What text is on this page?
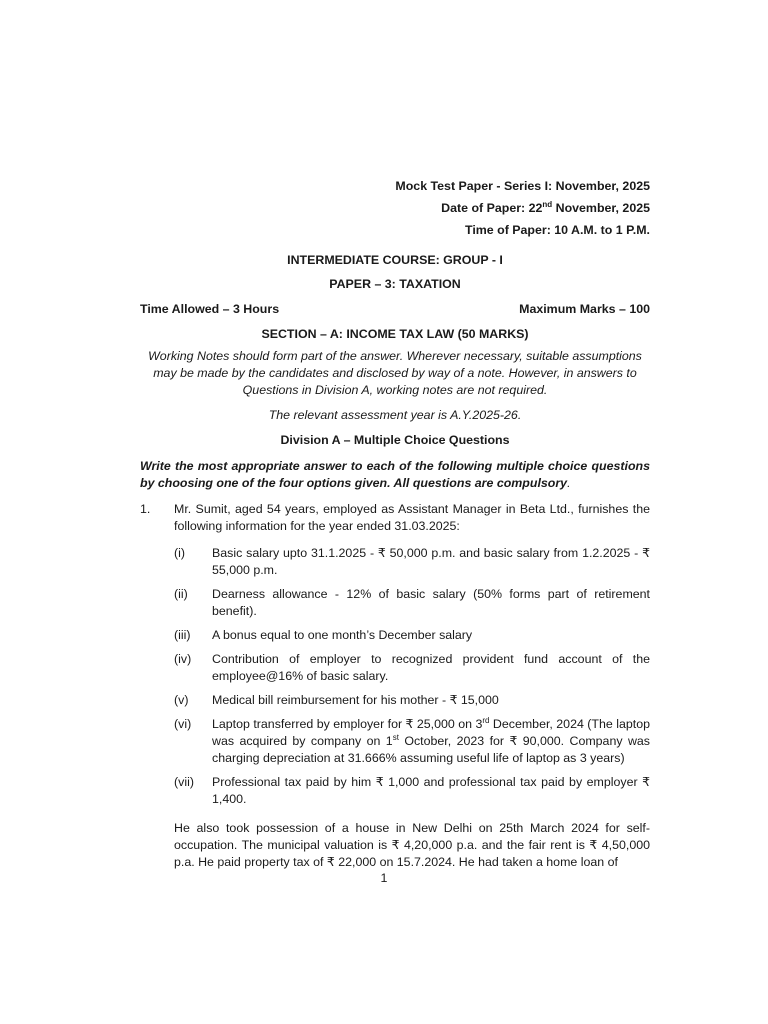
Mock Test Paper - Series I: November, 2025
Date of Paper: 22nd November, 2025
Time of Paper: 10 A.M. to 1 P.M.
INTERMEDIATE COURSE: GROUP - I
PAPER – 3: TAXATION
Time Allowed – 3 Hours	Maximum Marks – 100
SECTION – A: INCOME TAX LAW (50 MARKS)
Working Notes should form part of the answer. Wherever necessary, suitable assumptions
may be made by the candidates and disclosed by way of a note. However, in answers to
Questions in Division A, working notes are not required.
The relevant assessment year is A.Y.2025-26.
Division A – Multiple Choice Questions
Write the most appropriate answer to each of the following multiple choice questions by choosing one of the four options given. All questions are compulsory.
1.	Mr. Sumit, aged 54 years, employed as Assistant Manager in Beta Ltd., furnishes the following information for the year ended 31.03.2025:
(i)	Basic salary upto 31.1.2025 - ₹ 50,000 p.m. and basic salary from 1.2.2025 - ₹ 55,000 p.m.
(ii)	Dearness allowance - 12% of basic salary (50% forms part of retirement benefit).
(iii)	A bonus equal to one month’s December salary
(iv)	Contribution of employer to recognized provident fund account of the employee@16% of basic salary.
(v)	Medical bill reimbursement for his mother - ₹ 15,000
(vi)	Laptop transferred by employer for ₹ 25,000 on 3rd December, 2024 (The laptop was acquired by company on 1st October, 2023 for ₹ 90,000. Company was charging depreciation at 31.666% assuming useful life of laptop as 3 years)
(vii)	Professional tax paid by him ₹ 1,000 and professional tax paid by employer ₹ 1,400.
He also took possession of a house in New Delhi on 25th March 2024 for self-occupation. The municipal valuation is ₹ 4,20,000 p.a. and the fair rent is ₹ 4,50,000 p.a. He paid property tax of ₹ 22,000 on 15.7.2024. He had taken a home loan of
1
